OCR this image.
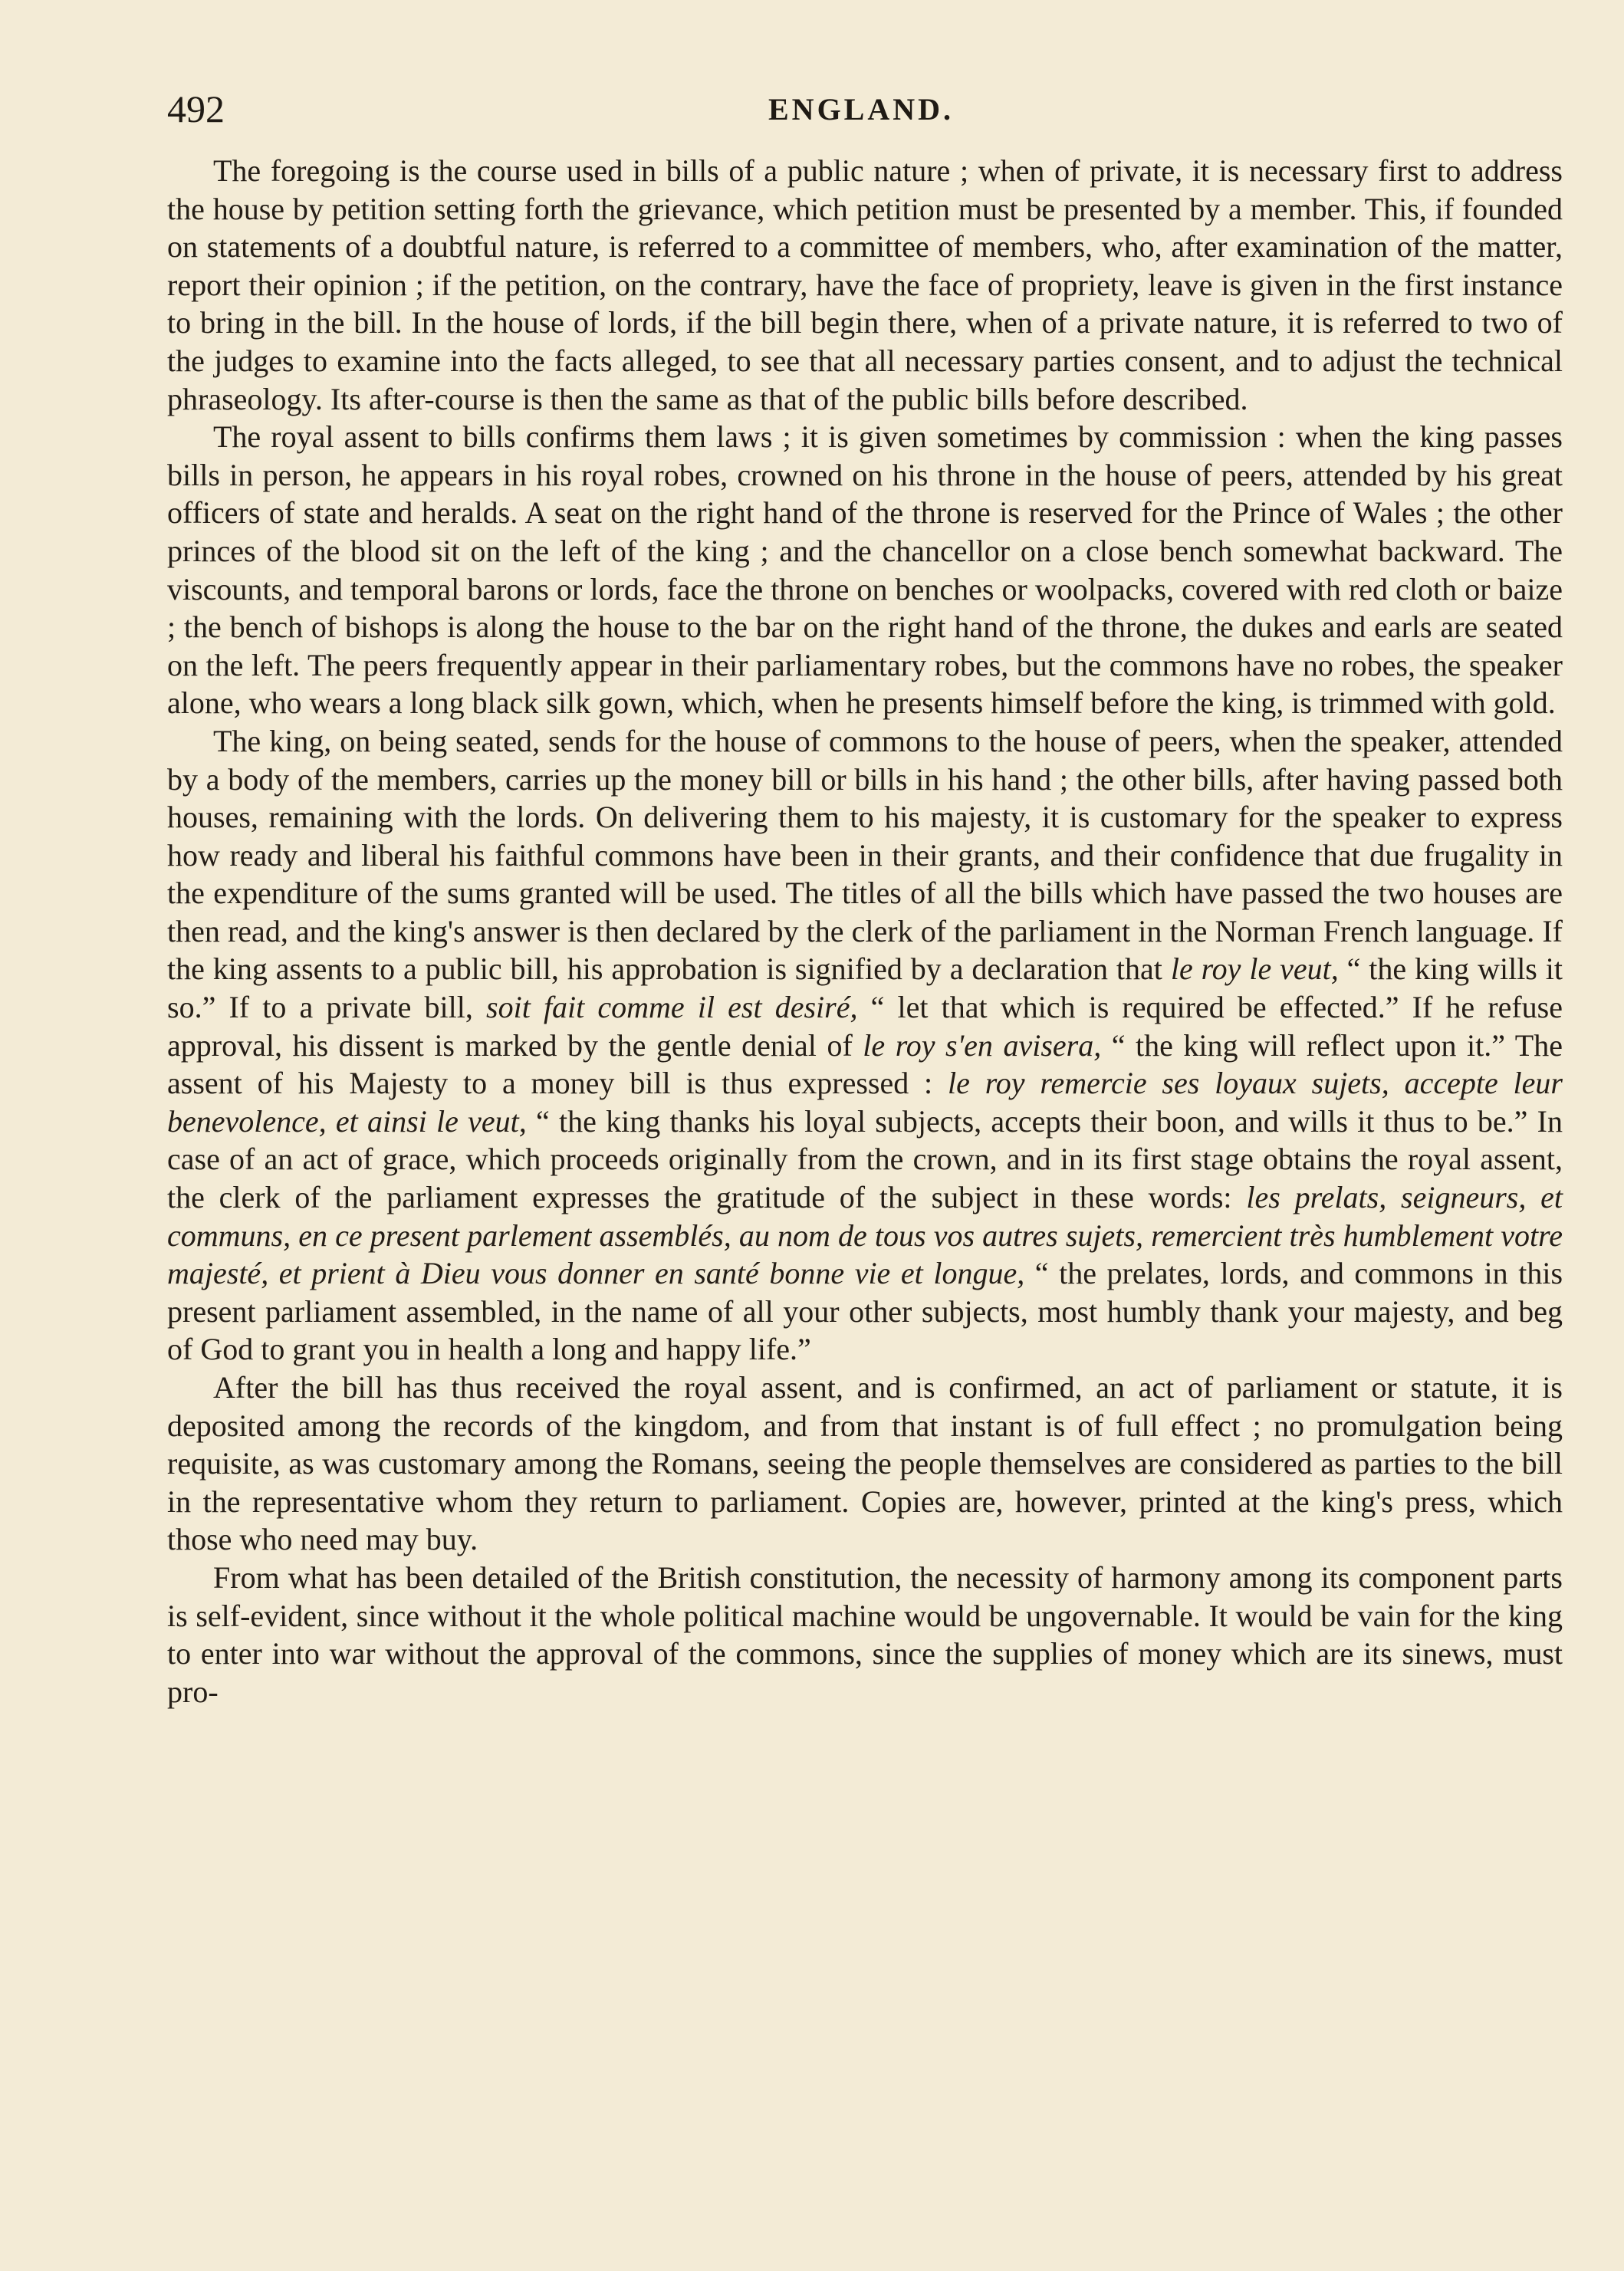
492	ENGLAND.

The foregoing is the course used in bills of a public nature ; when of private, it is necessary first to address the house by petition setting forth the grievance, which petition must be presented by a member. This, if founded on statements of a doubtful nature, is referred to a committee of members, who, after examination of the matter, report their opinion ; if the petition, on the contrary, have the face of propriety, leave is given in the first instance to bring in the bill. In the house of lords, if the bill begin there, when of a private nature, it is referred to two of the judges to examine into the facts alleged, to see that all necessary parties consent, and to adjust the technical phraseology. Its after-course is then the same as that of the public bills before described.

The royal assent to bills confirms them laws ; it is given sometimes by commission : when the king passes bills in person, he appears in his royal robes, crowned on his throne in the house of peers, attended by his great officers of state and heralds. A seat on the right hand of the throne is reserved for the Prince of Wales ; the other princes of the blood sit on the left of the king ; and the chancellor on a close bench somewhat backward. The viscounts, and temporal barons or lords, face the throne on benches or woolpacks, covered with red cloth or baize ; the bench of bishops is along the house to the bar on the right hand of the throne, the dukes and earls are seated on the left. The peers frequently appear in their parliamentary robes, but the commons have no robes, the speaker alone, who wears a long black silk gown, which, when he presents himself before the king, is trimmed with gold.

The king, on being seated, sends for the house of commons to the house of peers, when the speaker, attended by a body of the members, carries up the money bill or bills in his hand ; the other bills, after having passed both houses, remaining with the lords. On delivering them to his majesty, it is customary for the speaker to express how ready and liberal his faithful commons have been in their grants, and their confidence that due frugality in the expenditure of the sums granted will be used. The titles of all the bills which have passed the two houses are then read, and the king's answer is then declared by the clerk of the parliament in the Norman French language. If the king assents to a public bill, his approbation is signified by a declaration that le roy le veut, “ the king wills it so.” If to a private bill, soit fait comme il est desiré, “ let that which is required be effected.” If he refuse approval, his dissent is marked by the gentle denial of le roy s'en avisera, “ the king will reflect upon it.” The assent of his Majesty to a money bill is thus expressed : le roy remercie ses loyaux sujets, accepte leur benevolence, et ainsi le veut, “ the king thanks his loyal subjects, accepts their boon, and wills it thus to be.” In case of an act of grace, which proceeds originally from the crown, and in its first stage obtains the royal assent, the clerk of the parliament expresses the gratitude of the subject in these words: les prelats, seigneurs, et communs, en ce present parlement assemblés, au nom de tous vos autres sujets, remercient très humblement votre majesté, et prient à Dieu vous donner en santé bonne vie et longue, “ the prelates, lords, and commons in this present parliament assembled, in the name of all your other subjects, most humbly thank your majesty, and beg of God to grant you in health a long and happy life.”

After the bill has thus received the royal assent, and is confirmed, an act of parliament or statute, it is deposited among the records of the kingdom, and from that instant is of full effect ; no promulgation being requisite, as was customary among the Romans, seeing the people themselves are considered as parties to the bill in the representative whom they return to parliament. Copies are, however, printed at the king's press, which those who need may buy.

From what has been detailed of the British constitution, the necessity of harmony among its component parts is self-evident, since without it the whole political machine would be ungovernable. It would be vain for the king to enter into war without the approval of the commons, since the supplies of money which are its sinews, must pro-
